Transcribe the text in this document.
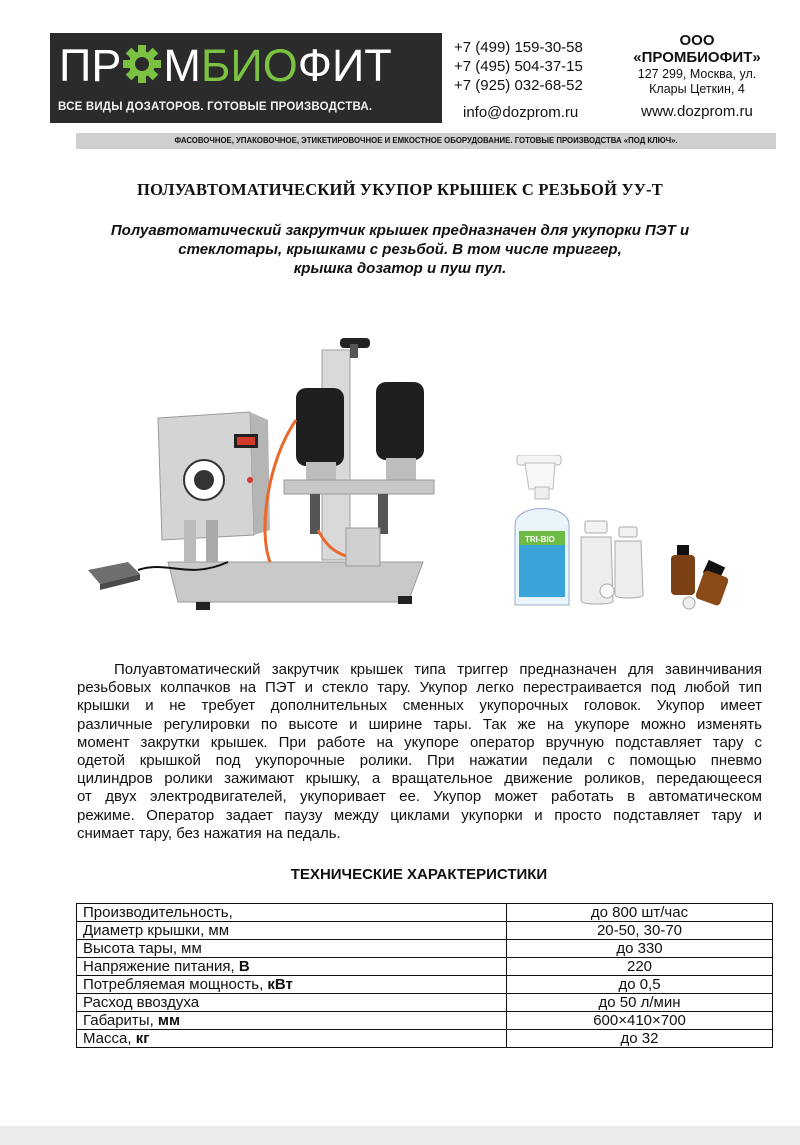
ПР МБИОФИТ
ВСЕ ВИДЫ ДОЗАТОРОВ. ГОТОВЫЕ ПРОИЗВОДСТВА.
+7 (499) 159-30-58
+7 (495) 504-37-15
+7 (925) 032-68-52
info@dozprom.ru
ООО
«ПРОМБИОФИТ»
127 299, Москва, ул.
Клары Цеткин, 4
www.dozprom.ru
ФАСОВОЧНОЕ, УПАКОВОЧНОЕ, ЭТИКЕТИРОВОЧНОЕ И ЕМКОСТНОЕ ОБОРУДОВАНИЕ. ГОТОВЫЕ ПРОИЗВОДСТВА «ПОД КЛЮЧ».
ПОЛУАВТОМАТИЧЕСКИЙ УКУПОР КРЫШЕК С РЕЗЬБОЙ УУ-Т
Полуавтоматический закрутчик крышек предназначен для укупорки ПЭТ и
стеклотары, крышками с резьбой. В том числе триггер,
крышка дозатор и пуш пул.
TRI-BIO
Полуавтоматический закрутчик крышек типа триггер предназначен для завинчивания
резьбовых колпачков на ПЭТ и стекло тару. Укупор легко перестраивается под любой тип
крышки и не требует дополнительных сменных укупорочных головок. Укупор имеет
различные регулировки по высоте и ширине тары. Так же на укупоре можно изменять
момент закрутки крышек. При работе на укупоре оператор вручную подставляет тару с
одетой крышкой под укупорочные ролики. При нажатии педали с помощью пневмо
цилиндров ролики зажимают крышку, а вращательное движение роликов, передающееся
от двух электродвигателей, укупоривает ее. Укупор может работать в автоматическом
режиме. Оператор задает паузу между циклами укупорки и просто подставляет тару и
снимает тару, без нажатия на педаль.
ТЕХНИЧЕСКИЕ ХАРАКТЕРИСТИКИ
Производительность,	до 800 шт/час
Диаметр крышки, мм	20-50, 30-70
Высота тары, мм	до 330
Напряжение питания, В	220
Потребляемая мощность, кВт	до 0,5
Расход ввоздуха	до 50 л/мин
Габариты, мм	600×410×700
Масса, кг	до 32
